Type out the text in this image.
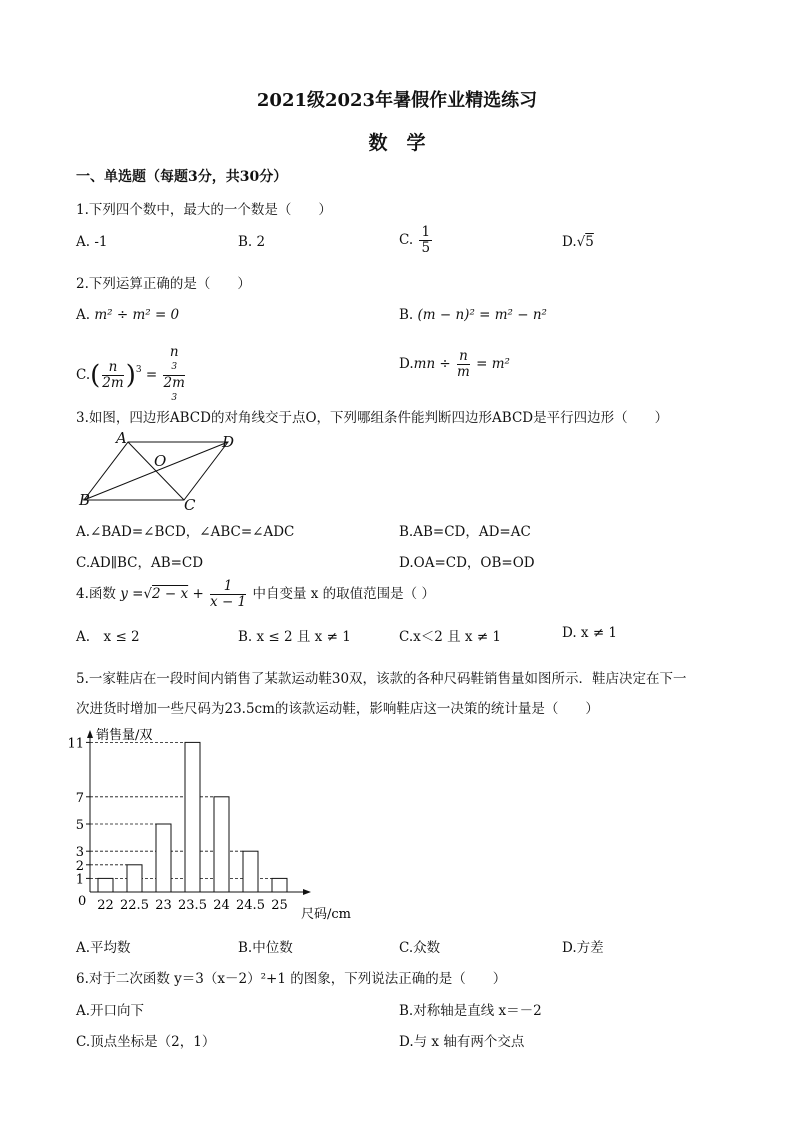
2021级2023年暑假作业精选练习
数　学
一、单选题（每题3分，共30分）
1.下列四个数中，最大的一个数是（　　）
A. -1	B. 2	C. $\frac{1}{5}$	D.√5
2.下列运算正确的是（　　）
A. m² ÷ m² = 0	B. (m − n)² = m² − n²
$C.( \frac{n}{2m} )^3 = n$
3
2m
3	$D.mn \div \frac{n}{m} = m^2$
3.如图，四边形ABCD的对角线交于点O，下列哪组条件能判断四边形ABCD是平行四边形（　　）
A	D
O
B	C
A.∠BAD=∠BCD，∠ABC=∠ADC	B.AB=CD，AD=AC
C.AD∥BC，AB=CD	D.OA=CD，OB=OD
4.函数 $y =√2 - x + \frac{1}{x - 1}$ 中自变量 x 的取值范围是（ ）
A.　x ≤ 2	B. x ≤ 2 且 x ≠ 1	C.x＜2 且 x ≠ 1	D. x ≠ 1
5.一家鞋店在一段时间内销售了某款运动鞋30双，该款的各种尺码鞋销售量如图所示．鞋店决定在下一
次进货时增加一些尺码为23.5cm的该款运动鞋，影响鞋店这一决策的统计量是（　　）
销售量/双
尺码/cm
0
1
2
3
5
7
11
22 22.5 23 23.5 24 24.5 25
A.平均数	B.中位数	C.众数	D.方差
6.对于二次函数 y＝3（x－2）²+1 的图象，下列说法正确的是（　　）
A.开口向下	B.对称轴是直线 x＝－2
C.顶点坐标是（2，1）	D.与 x 轴有两个交点
